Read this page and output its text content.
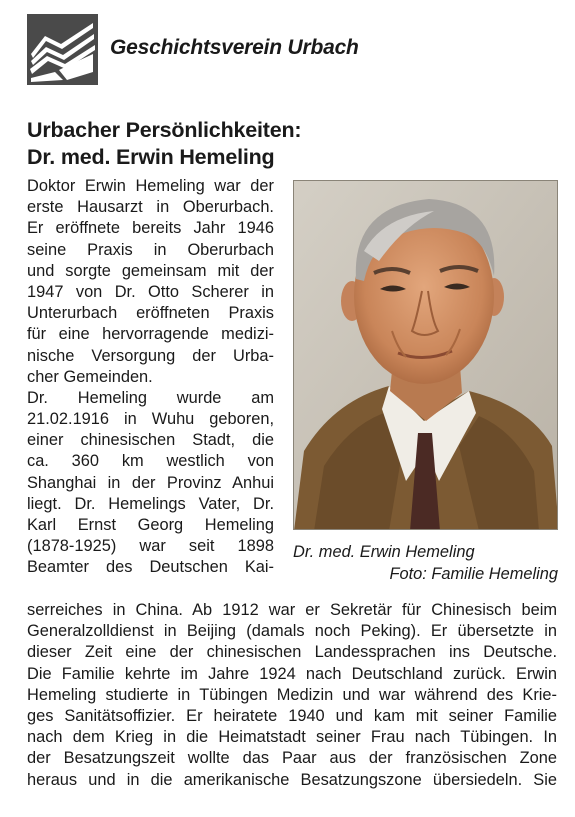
Geschichtsverein Urbach
Urbacher Persönlichkeiten:
Dr. med. Erwin Hemeling
Doktor Erwin Hemeling war der
erste Hausarzt in Oberurbach.
Er eröffnete bereits Jahr 1946
seine Praxis in Oberurbach
und sorgte gemeinsam mit der
1947 von Dr. Otto Scherer in
Unterurbach eröffneten Praxis
für eine hervorragende medizi-
nische Versorgung der Urba-
cher Gemeinden.
Dr. Hemeling wurde am
21.02.1916 in Wuhu geboren,
einer chinesischen Stadt, die
ca. 360 km westlich von
Shanghai in der Provinz Anhui
liegt. Dr. Hemelings Vater, Dr.
Karl Ernst Georg Hemeling
(1878-1925) war seit 1898
Beamter des Deutschen Kai-
Dr. med. Erwin Hemeling
Foto: Familie Hemeling
serreiches in China. Ab 1912 war er Sekretär für Chinesisch beim
Generalzolldienst in Beijing (damals noch Peking). Er übersetzte in
dieser Zeit eine der chinesischen Landessprachen ins Deutsche.
Die Familie kehrte im Jahre 1924 nach Deutschland zurück. Erwin
Hemeling studierte in Tübingen Medizin und war während des Krie-
ges Sanitätsoffizier. Er heiratete 1940 und kam mit seiner Familie
nach dem Krieg in die Heimatstadt seiner Frau nach Tübingen. In
der Besatzungszeit wollte das Paar aus der französischen Zone
heraus und in die amerikanische Besatzungszone übersiedeln. Sie
